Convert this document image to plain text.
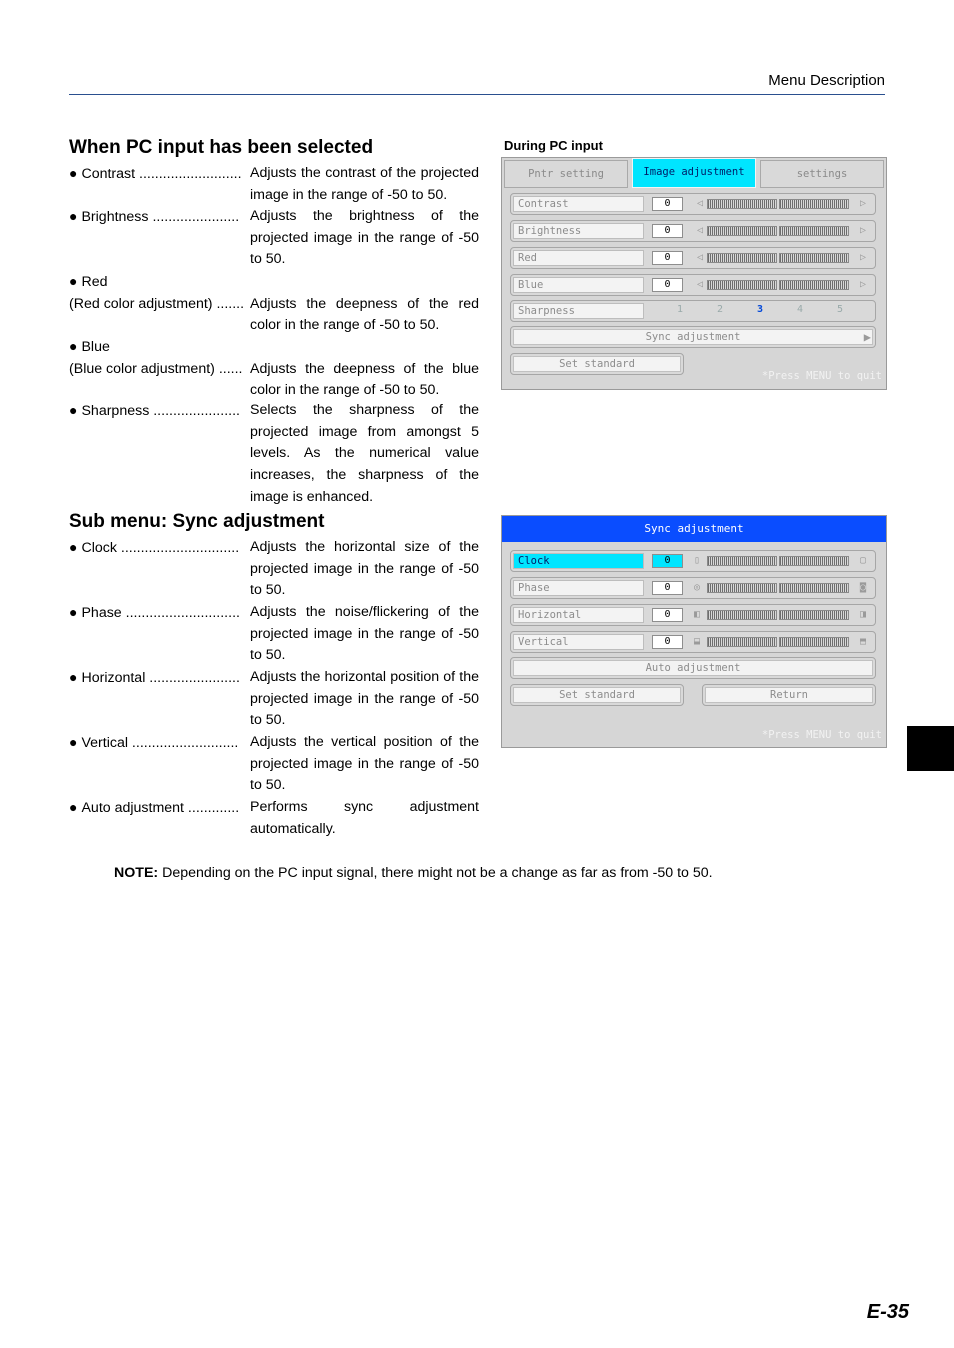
Menu Description
When PC input has been selected
● Contrast .......................... Adjusts the contrast of the projected image in the range of -50 to 50.
● Brightness ...................... Adjusts the brightness of the projected image in the range of -50 to 50.
● Red
(Red color adjustment) ....... Adjusts the deepness of the red color in the range of -50 to 50.
● Blue
(Blue color adjustment) ...... Adjusts the deepness of the blue color in the range of -50 to 50.
● Sharpness ...................... Selects the sharpness of the projected image from amongst 5 levels. As the numerical value increases, the sharpness of the image is enhanced.
Sub menu: Sync adjustment
● Clock .............................. Adjusts the horizontal size of the projected image in the range of -50 to 50.
● Phase ............................. Adjusts the noise/flickering of the projected image in the range of -50 to 50.
● Horizontal ....................... Adjusts the horizontal position of the projected image in the range of -50 to 50.
● Vertical ........................... Adjusts the vertical position of the projected image in the range of -50 to 50.
● Auto adjustment ............. Performs sync adjustment automatically.
During PC input
Pntr setting	Image adjustment	settings
Contrast	0	◁	▷
Brightness	0	◁	▷
Red	0	◁	▷
Blue	0	◁	▷
Sharpness	1	2	3	4	5
Sync adjustment	▶
Set standard
*Press MENU to quit
Sync adjustment
Clock	0	▯	▢
Phase	0	◎	◙
Horizontal	0	◧	◨
Vertical	0	⬓	⬒
Auto adjustment
Set standard	Return
*Press MENU to quit
NOTE: Depending on the PC input signal, there might not be a change as far as from -50 to 50.
E-35
